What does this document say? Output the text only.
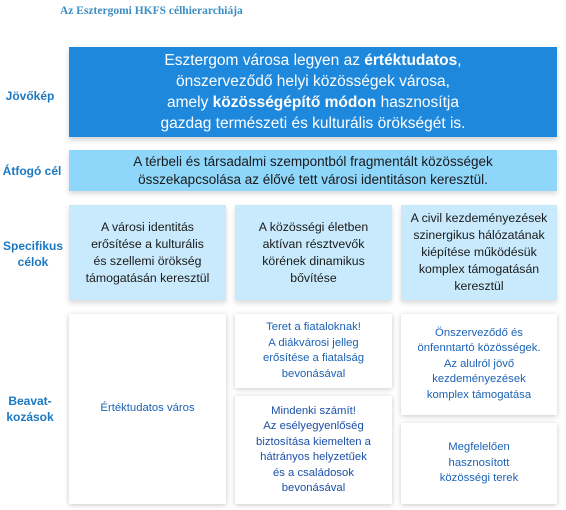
Az Esztergomi HKFS célhierarchiája
Jövőkép
Átfogó cél
Specifikus
célok
Beavat-
kozások
Esztergom városa legyen az értéktudatos,
önszerveződő helyi közösségek városa,
amely közösségépítő módon hasznosítja
gazdag természeti és kulturális örökségét is.
A térbeli és társadalmi szempontból fragmentált közösségek
összekapcsolása az élővé tett városi identitáson keresztül.
A városi identitás
erősítése a kulturális
és szellemi örökség
támogatásán keresztül
A közösségi életben
aktívan résztvevők
körének dinamikus
bővítése
A civil kezdeményezések
szinergikus hálózatának
kiépítése működésük
komplex támogatásán
keresztül
Értéktudatos város
Teret a fiataloknak!
A diákvárosi jelleg
erősítése a fiatalság
bevonásával
Mindenki számít!
Az esélyegyenlőség
biztosítása kiemelten a
hátrányos helyzetűek
és a családosok
bevonásával
Önszerveződő és
önfenntartó közösségek.
Az alulról jövő
kezdeményezések
komplex támogatása
Megfelelően
hasznosított
közösségi terek
